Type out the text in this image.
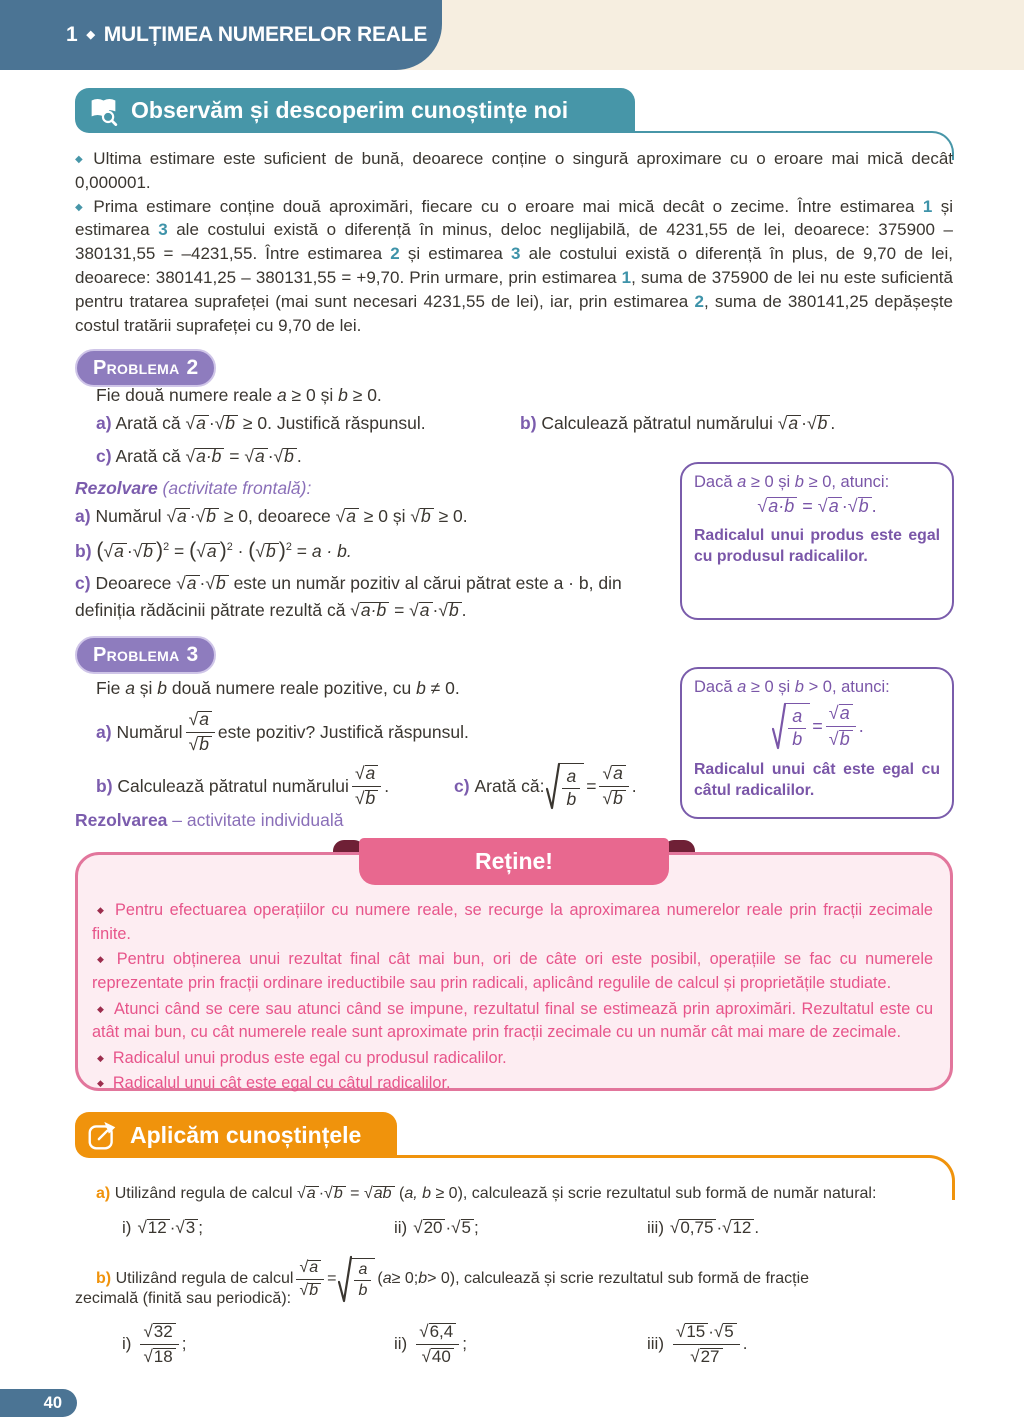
1 ◆ MULȚIMEA NUMERELOR REALE
Observăm și descoperim cunoștințe noi

◆ Ultima estimare este suficient de bună, deoarece conține o singură aproximare cu o eroare mai mică decât 0,000001.

◆ Prima estimare conține două aproximări, fiecare cu o eroare mai mică decât o zecime. Între estimarea 1 și estimarea 3 ale costului există o diferență în minus, deloc neglijabilă, de 4231,55 de lei, deoarece: 375900 – 380131,55 = –4231,55. Între estimarea 2 și estimarea 3 ale costului există o diferență în plus, de 9,70 de lei, deoarece: 380141,25 – 380131,55 = +9,70. Prin urmare, prin estimarea 1, suma de 375900 de lei nu este suficientă pentru tratarea suprafeței (mai sunt necesari 4231,55 de lei), iar, prin estimarea 2, suma de 380141,25 depășește costul tratării suprafeței cu 9,70 de lei.

Problema 2
Fie două numere reale a ≥ 0 și b ≥ 0.
a) Arată că √ a · √ b ≥ 0. Justifică răspunsul.	b) Calculează pătratul numărului √ a · √ b .
c) Arată că √ a·b = √ a · √ b .
Rezolvare (activitate frontală):
a) Numărul √ a · √ b ≥ 0, deoarece √ a ≥ 0 și √ b ≥ 0.
b) ( √ a · √ b )$^2$ = ( √ a )$^2$ · ( √ b )$^2$ = a · b.
c) Deoarece √ a · √ b este un număr pozitiv al cărui pătrat este a · b, din definiția rădăcinii pătrate rezultă că √ a·b = √ a · √ b .
Dacă a ≥ 0 și b ≥ 0, atunci:
√ a·b = √ a · √ b .
Radicalul unui produs este egal cu produsul radicalilor.
Problema 3
Fie a și b două numere reale pozitive, cu b ≠ 0.
a)
Numărul √ a
√ b este pozitiv? Justifică răspunsul.
b)
Calculează pătratul numărului √ a
√ b .	c)
Arată că: $\frac{a}{b}$ = √ a
√ b .
Rezolvarea – activitate individuală
Dacă a ≥ 0 și b > 0, atunci:
$\frac{a}{b}$ = √ a
√ b .
Radicalul unui cât este egal cu câtul radicalilor.

◆ Pentru efectuarea operațiilor cu numere reale, se recurge la aproximarea numerelor reale prin fracții zecimale finite.

◆ Pentru obținerea unui rezultat final cât mai bun, ori de câte ori este posibil, operațiile se fac cu numerele reprezentate prin fracții ordinare ireductibile sau prin radicali, aplicând regulile de calcul și proprietățile studiate.

◆ Atunci când se cere sau atunci când se impune, rezultatul final se estimează prin aproximări. Rezultatul este cu atât mai bun, cu cât numerele reale sunt aproximate prin fracții zecimale cu un număr cât mai mare de zecimale.

◆ Radicalul unui produs este egal cu produsul radicalilor.

◆ Radicalul unui cât este egal cu câtul radicalilor.

Reține!
Aplicăm cunoștințele
a) Utilizând regula de calcul √ a · √ b = √ ab (a, b ≥ 0), calculează și scrie rezultatul sub formă de număr natural:
i) √ 12 · √ 3 ;	ii) √ 20 · √ 5 ;	iii) √ 0,75 · √ 12 .
b)
Utilizând regula de calcul √ a
√ $b = \frac{a}{b}$ ( a ≥ 0; b > 0), calculează și scrie rezultatul sub formă de fracție
zecimală (finită sau periodică):
i) √ 32
√ 18 ;	ii) √ 6,4
√ 40 ;	iii) √ 15 · √ 5
√ 27 .
40
